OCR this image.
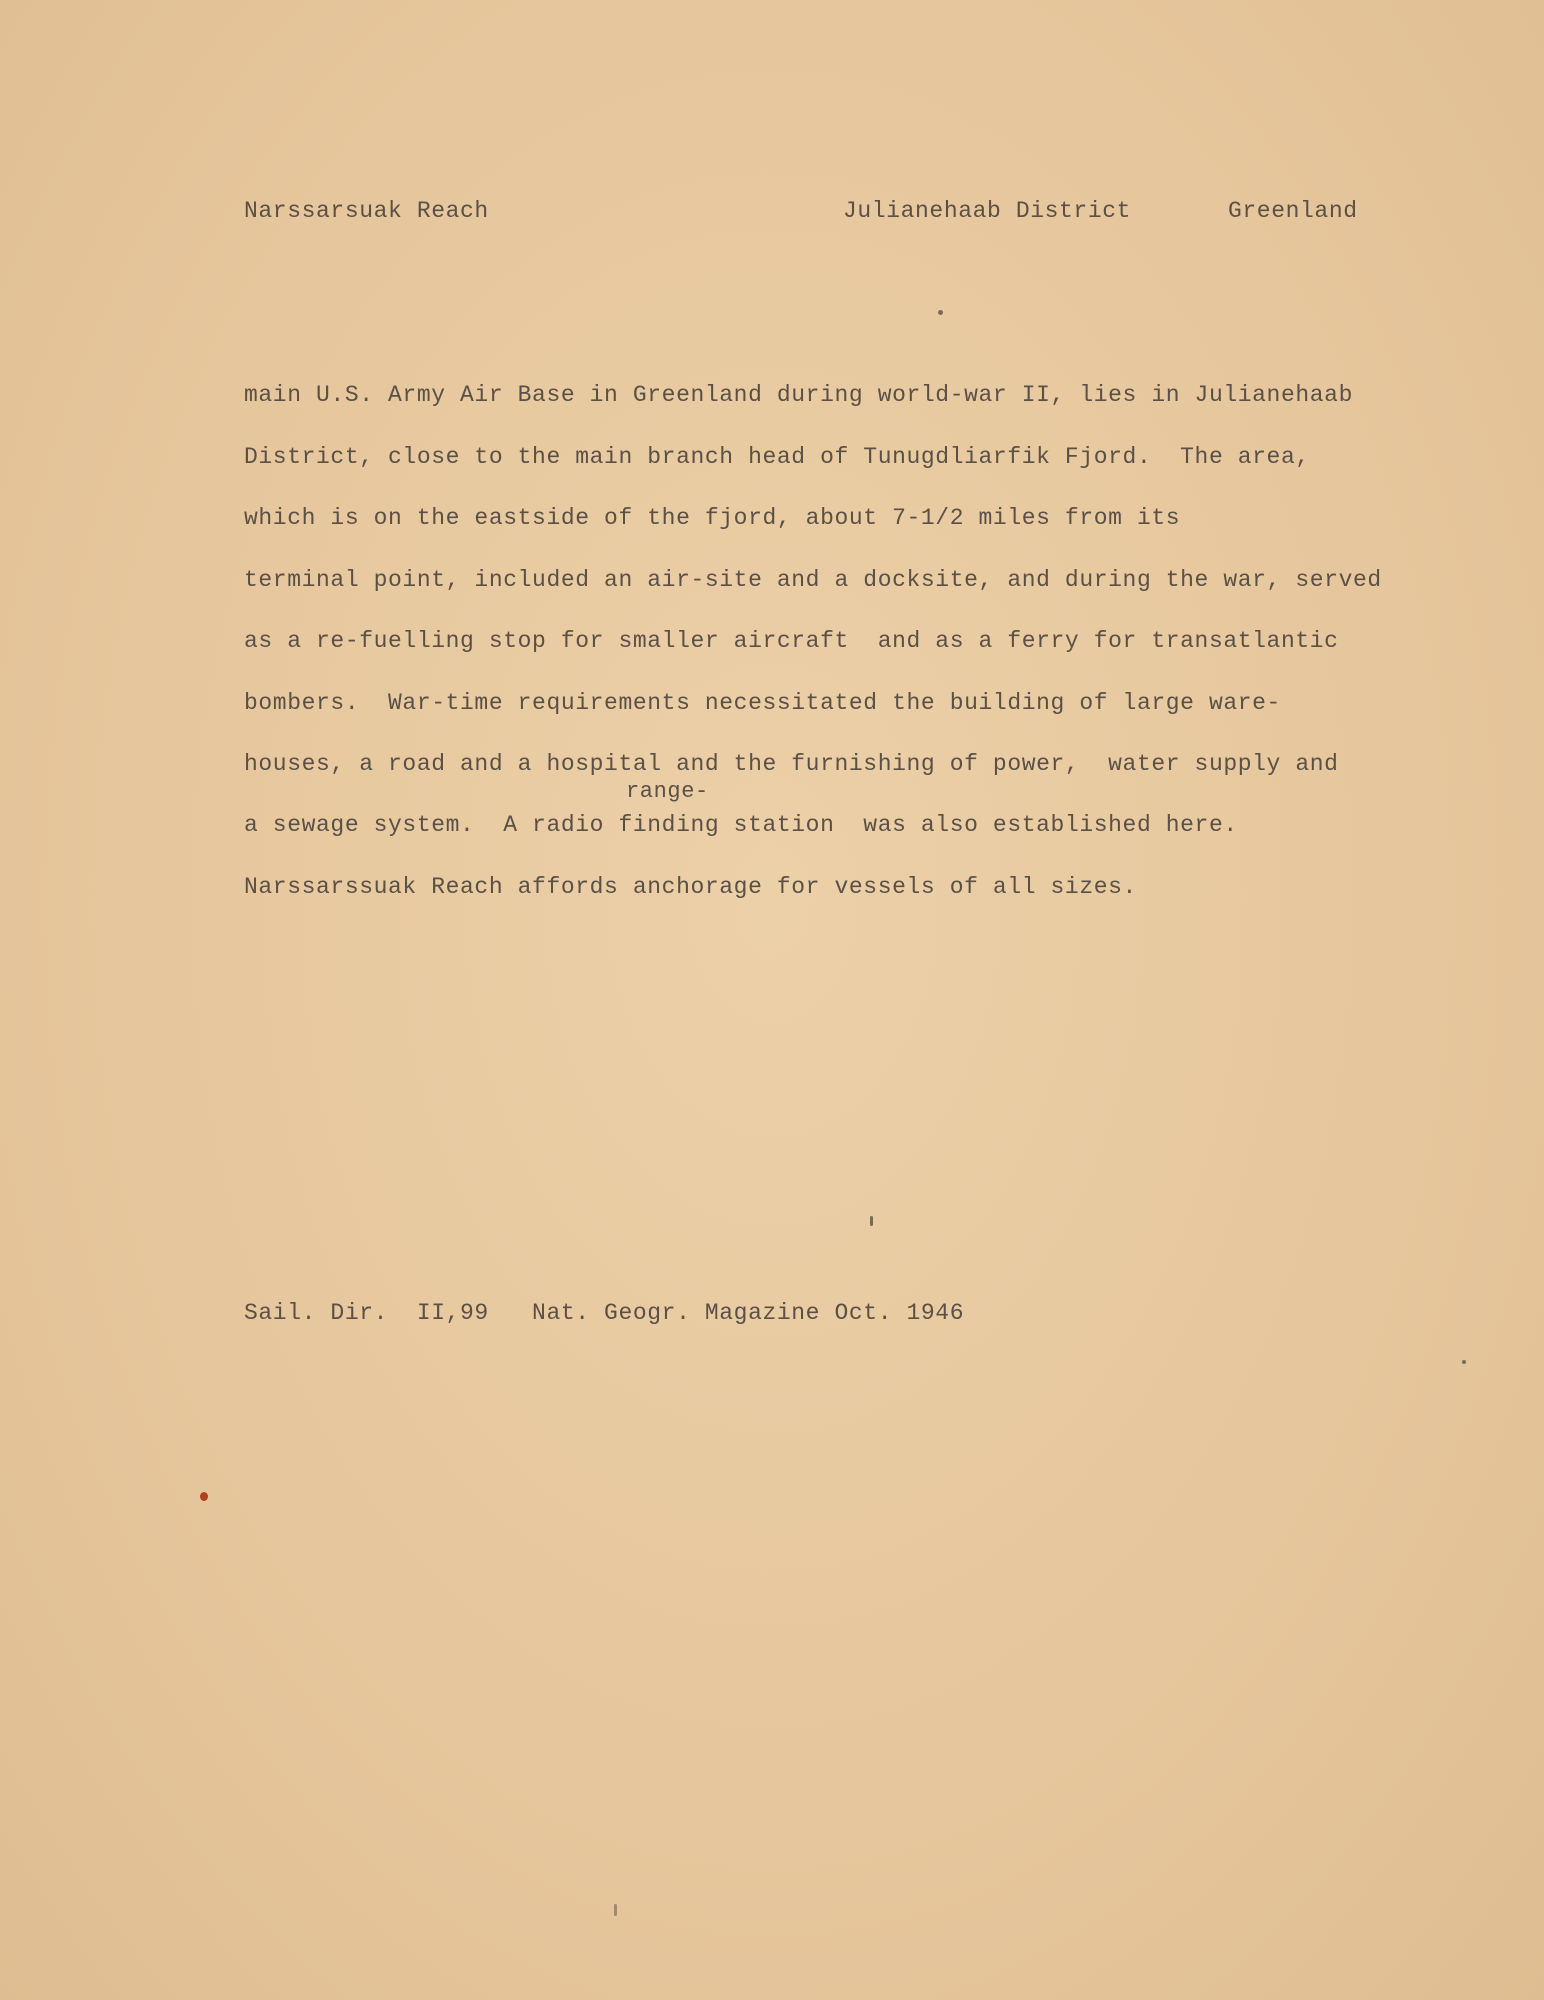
Narssarsuak Reach	Julianehaab District	Greenland
main U.S. Army Air Base in Greenland during world-war II, lies in Julianehaab
District, close to the main branch head of Tunugdliarfik Fjord.  The area,
which is on the eastside of the fjord, about 7-1/2 miles from its
terminal point, included an air-site and a docksite, and during the war, served
as a re-fuelling stop for smaller aircraft  and as a ferry for transatlantic
bombers.  War-time requirements necessitated the building of large ware-
houses, a road and a hospital and the furnishing of power,  water supply and
range-
a sewage system.  A radio finding station  was also established here.
Narssarssuak Reach affords anchorage for vessels of all sizes.
Sail. Dir.  II,99   Nat. Geogr. Magazine Oct. 1946
